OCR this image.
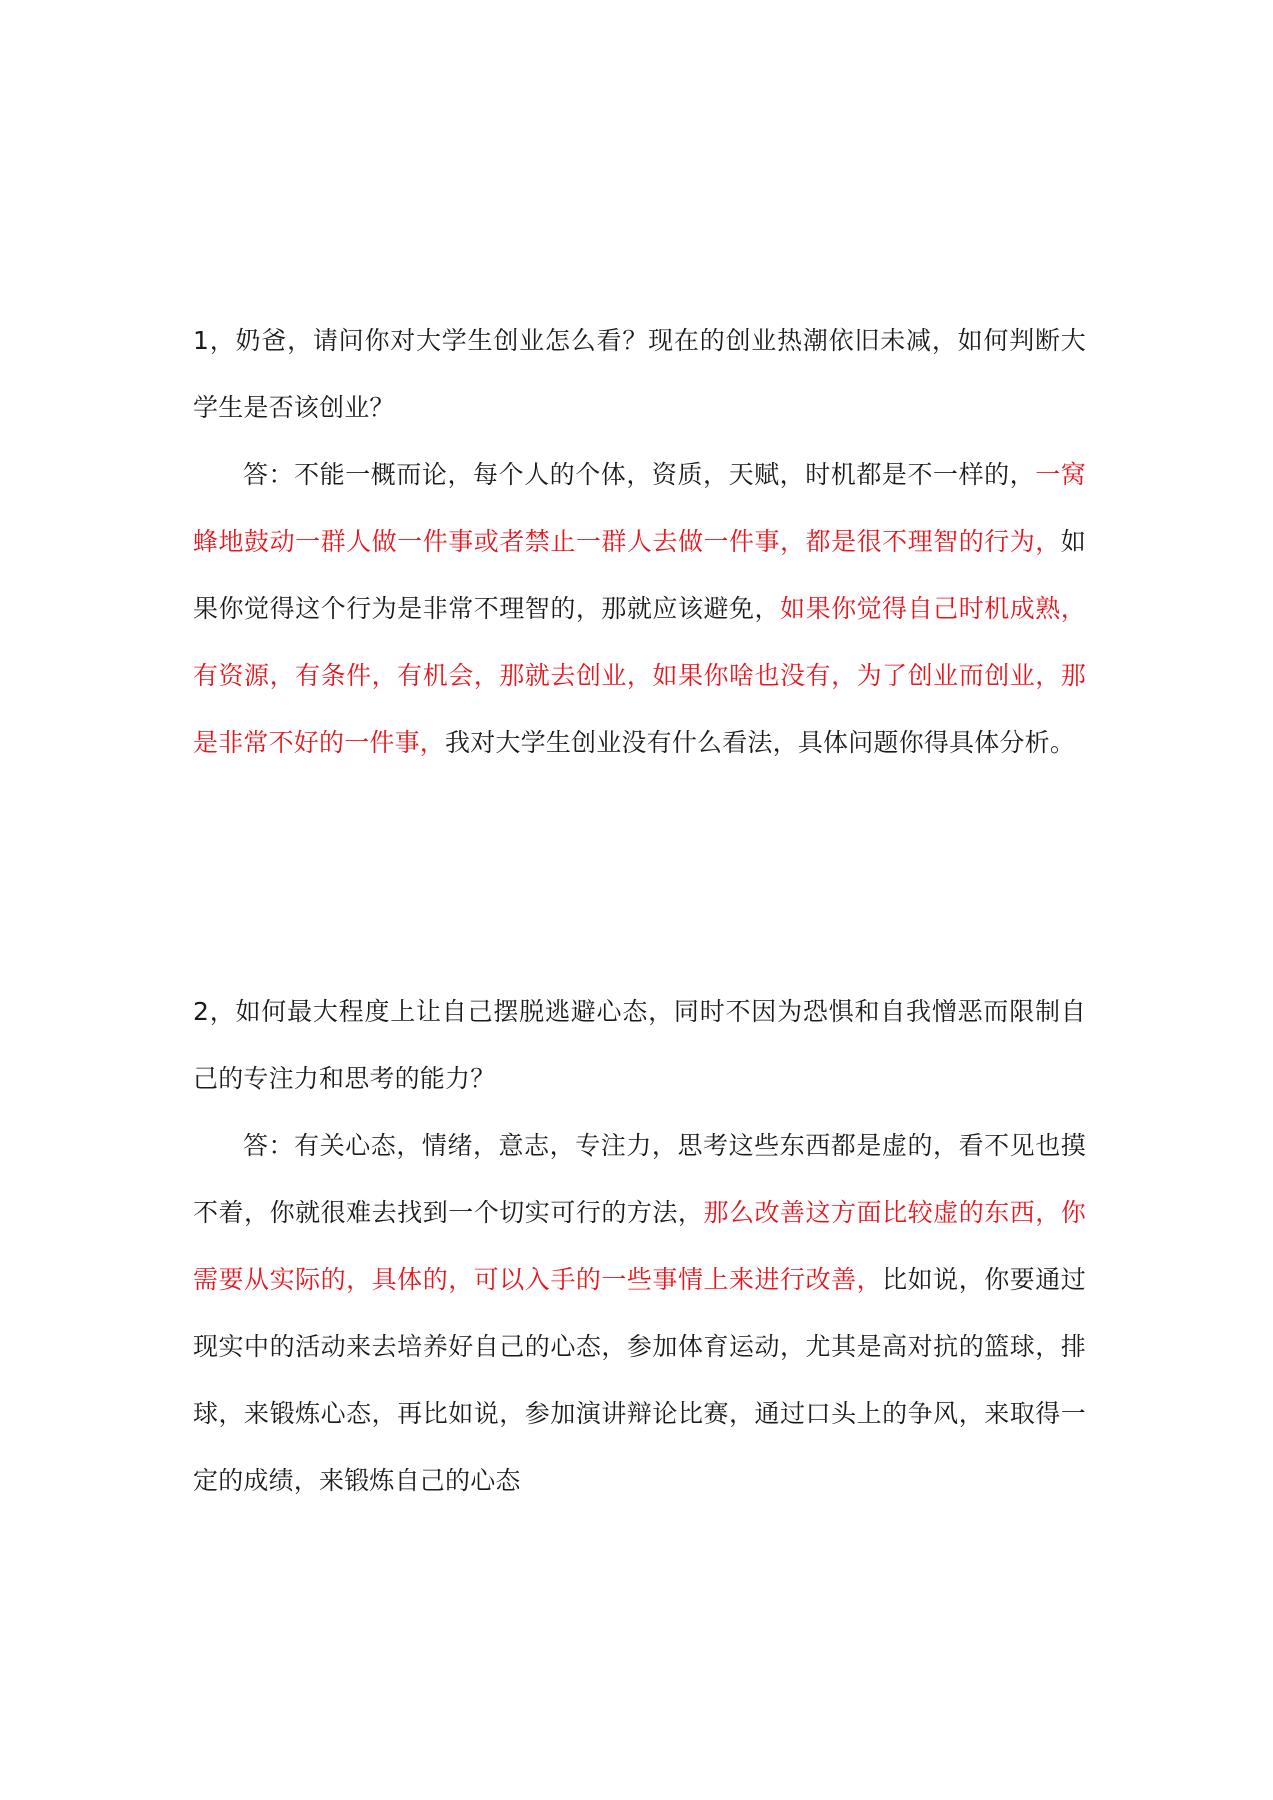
1，奶爸，请问你对大学生创业怎么看？现在的创业热潮依旧未减，如何判断大学生是否该创业？

答：不能一概而论，每个人的个体，资质，天赋，时机都是不一样的，一窝蜂地鼓动一群人做一件事或者禁止一群人去做一件事，都是很不理智的行为，如果你觉得这个行为是非常不理智的，那就应该避免，如果你觉得自己时机成熟，有资源，有条件，有机会，那就去创业，如果你啥也没有，为了创业而创业，那是非常不好的一件事，我对大学生创业没有什么看法，具体问题你得具体分析。

2，如何最大程度上让自己摆脱逃避心态，同时不因为恐惧和自我憎恶而限制自己的专注力和思考的能力？

答：有关心态，情绪，意志，专注力，思考这些东西都是虚的，看不见也摸不着，你就很难去找到一个切实可行的方法，那么改善这方面比较虚的东西，你需要从实际的，具体的，可以入手的一些事情上来进行改善，比如说，你要通过现实中的活动来去培养好自己的心态，参加体育运动，尤其是高对抗的篮球，排球，来锻炼心态，再比如说，参加演讲辩论比赛，通过口头上的争风，来取得一定的成绩，来锻炼自己的心态
